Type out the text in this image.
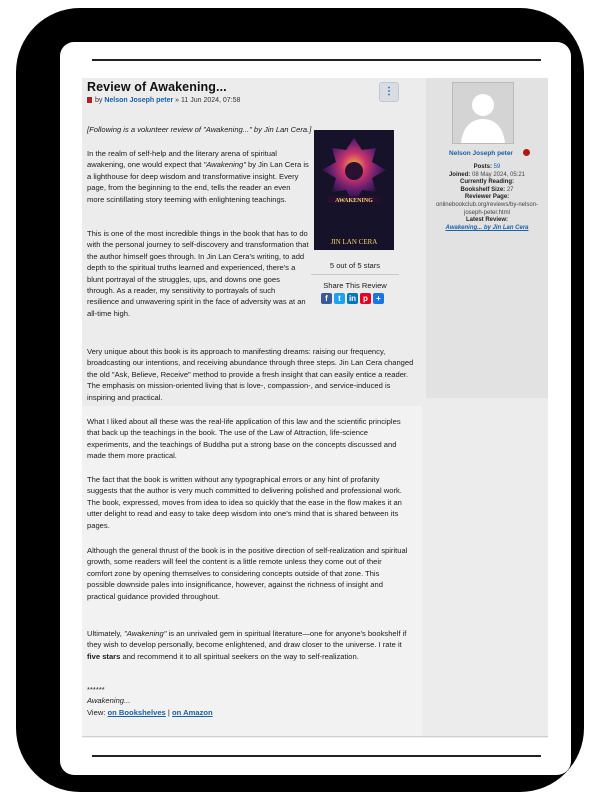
Review of Awakening...
by Nelson Joseph peter » 11 Jun 2024, 07:58
⋮
[Following is a volunteer review of "Awakening..." by Jin Lan Cera.]
In the realm of self-help and the literary arena of spiritual awakening, one would expect that "Awakening" by Jin Lan Cera is a lighthouse for deep wisdom and transformative insight. Every page, from the beginning to the end, tells the reader an even more scintillating story teeming with enlightening teachings.
This is one of the most incredible things in the book that has to do with the personal journey to self-discovery and transformation that the author himself goes through. In Jin Lan Cera's writing, to add depth to the spiritual truths learned and experienced, there's a blunt portrayal of the struggles, ups, and downs one goes through. As a reader, my sensitivity to portrayals of such resilience and unwavering spirit in the face of adversity was at an all-time high.
Very unique about this book is its approach to manifesting dreams: raising our frequency, broadcasting our intentions, and receiving abundance through three steps. Jin Lan Cera changed the old "Ask, Believe, Receive" method to provide a fresh insight that can easily entice a reader. The emphasis on mission-oriented living that is love-, compassion-, and service-induced is inspiring and practical.
What I liked about all these was the real-life application of this law and the scientific principles that back up the teachings in the book. The use of the Law of Attraction, life-science experiments, and the teachings of Buddha put a strong base on the concepts discussed and made them more practical.
The fact that the book is written without any typographical errors or any hint of profanity suggests that the author is very much committed to delivering polished and professional work. The book, expressed, moves from idea to idea so quickly that the ease in the flow makes it an utter delight to read and easy to take deep wisdom into one's mind that is shared between its pages.
Although the general thrust of the book is in the positive direction of self-realization and spiritual growth, some readers will feel the content is a little remote unless they come out of their comfort zone by opening themselves to considering concepts outside of that zone. This possible downside pales into insignificance, however, against the richness of insight and practical guidance provided throughout.
Ultimately, "Awakening" is an unrivaled gem in spiritual literature—one for anyone's bookshelf if they wish to develop personally, become enlightened, and draw closer to the universe. I rate it five stars and recommend it to all spiritual seekers on the way to self-realization.
******
Awakening...
View: on Bookshelves | on Amazon
AWAKENING
JIN LAN CERA
5 out of 5 stars
Share This Review
f	t	in p	+
Nelson Joseph peter
Posts: 59
Joined: 08 May 2024, 05:21
Currently Reading:
Bookshelf Size: 27
Reviewer Page:
onlinebookclub.org/reviews/by-nelson-joseph-peter.html
Latest Review:
Awakening... by Jin Lan Cera
